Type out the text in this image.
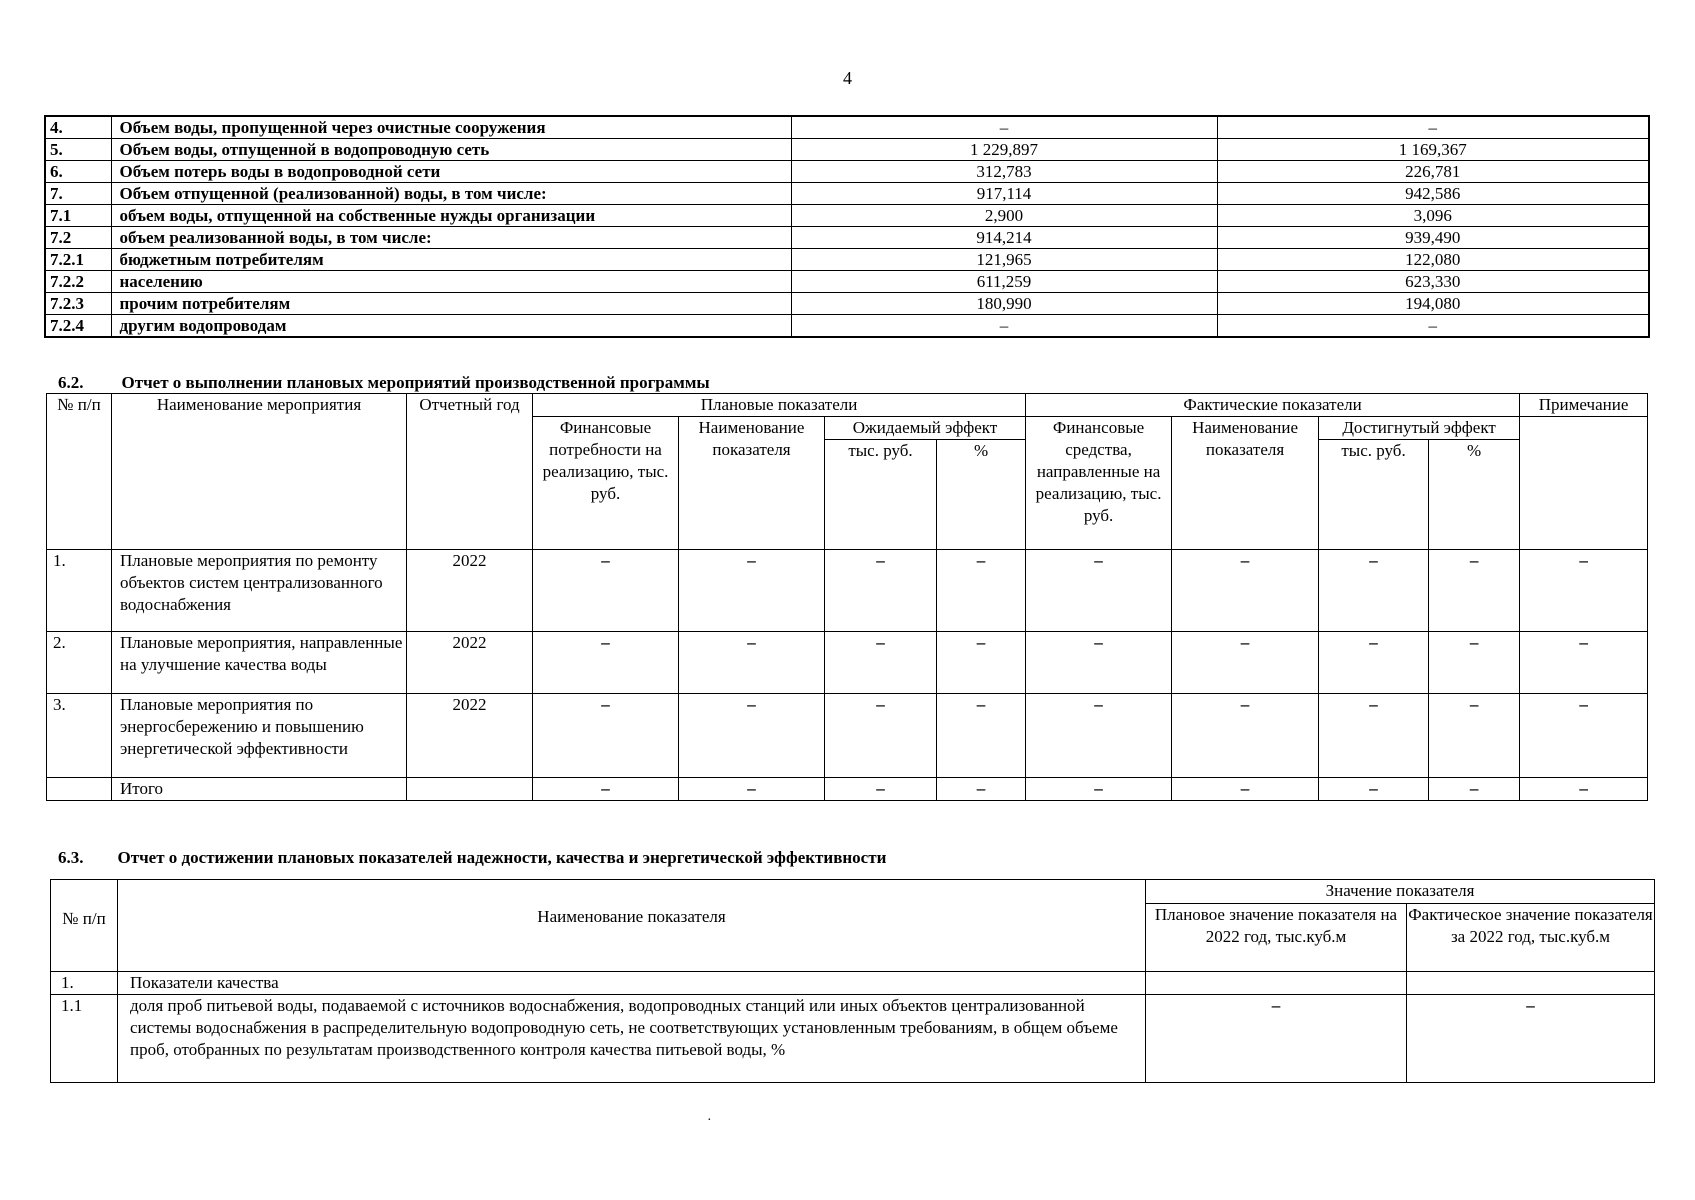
4
4.	Объем воды, пропущенной через очистные сооружения	–	–
5.	Объем воды, отпущенной в водопроводную сеть	1 229,897	1 169,367
6.	Объем потерь воды в водопроводной сети	312,783	226,781
7.	Объем отпущенной (реализованной) воды, в том числе:	917,114	942,586
7.1	объем воды, отпущенной на собственные нужды организации	2,900	3,096
7.2	объем реализованной воды, в том числе:	914,214	939,490
7.2.1	бюджетным потребителям	121,965	122,080
7.2.2	населению	611,259	623,330
7.2.3	прочим потребителям	180,990	194,080
7.2.4	другим водопроводам	–	–
6.2. Отчет о выполнении плановых мероприятий производственной программы
№ п/п	Наименование мероприятия	Отчетный год	Плановые показатели				Фактические показатели				Примечание
			Финансовые потребности на реализацию, тыс. руб.	Наименование показателя	Ожидаемый эффект		Финансовые средства, направленные на реализацию, тыс. руб.	Наименование показателя	Достигнутый эффект		
					тыс. руб.	%			тыс. руб.	%	
1.	Плановые мероприятия по ремонту объектов систем централизованного водоснабжения	2022	–	–	–	–	–	–	–	–	–
2.	Плановые мероприятия, направленные на улучшение качества воды	2022	–	–	–	–	–	–	–	–	–
3.	Плановые мероприятия по энергосбережению и повышению энергетической эффективности	2022	–	–	–	–	–	–	–	–	–
	Итого		–	–	–	–	–	–	–	–	–
6.3. Отчет о достижении плановых показателей надежности, качества и энергетической эффективности
№ п/п	Наименование показателя	Значение показателя	
		Плановое значение показателя на 2022 год, тыс.куб.м	Фактическое значение показателя за 2022 год, тыс.куб.м
1.	Показатели качества		
1.1	доля проб питьевой воды, подаваемой с источников водоснабжения, водопроводных станций или иных объектов централизованной системы водоснабжения в распределительную водопроводную сеть, не соответствующих установленным требованиям, в общем объеме проб, отобранных по результатам производственного контроля качества питьевой воды, %	–	–
·
